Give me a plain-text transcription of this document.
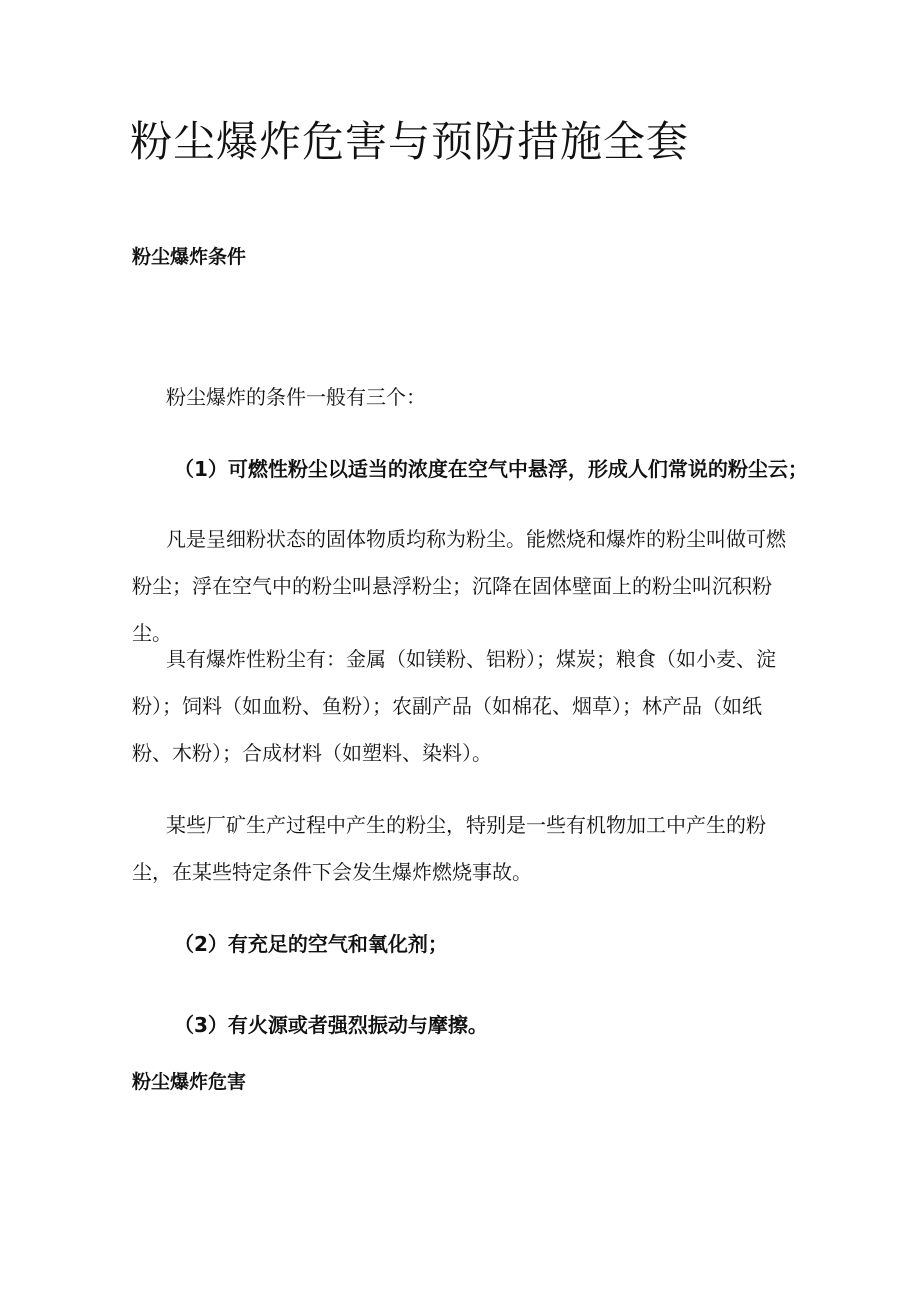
粉尘爆炸危害与预防措施全套
粉尘爆炸条件

粉尘爆炸的条件一般有三个：

（1）可燃性粉尘以适当的浓度在空气中悬浮，形成人们常说的粉尘云；

凡是呈细粉状态的固体物质均称为粉尘。能燃烧和爆炸的粉尘叫做可燃粉尘；浮在空气中的粉尘叫悬浮粉尘；沉降在固体壁面上的粉尘叫沉积粉尘。

具有爆炸性粉尘有：金属（如镁粉、铝粉）；煤炭；粮食（如小麦、淀粉）；饲料（如血粉、鱼粉）；农副产品（如棉花、烟草）；林产品（如纸粉、木粉）；合成材料（如塑料、染料）。

某些厂矿生产过程中产生的粉尘，特别是一些有机物加工中产生的粉尘，在某些特定条件下会发生爆炸燃烧事故。

（2）有充足的空气和氧化剂；

（3）有火源或者强烈振动与摩擦。

粉尘爆炸危害
